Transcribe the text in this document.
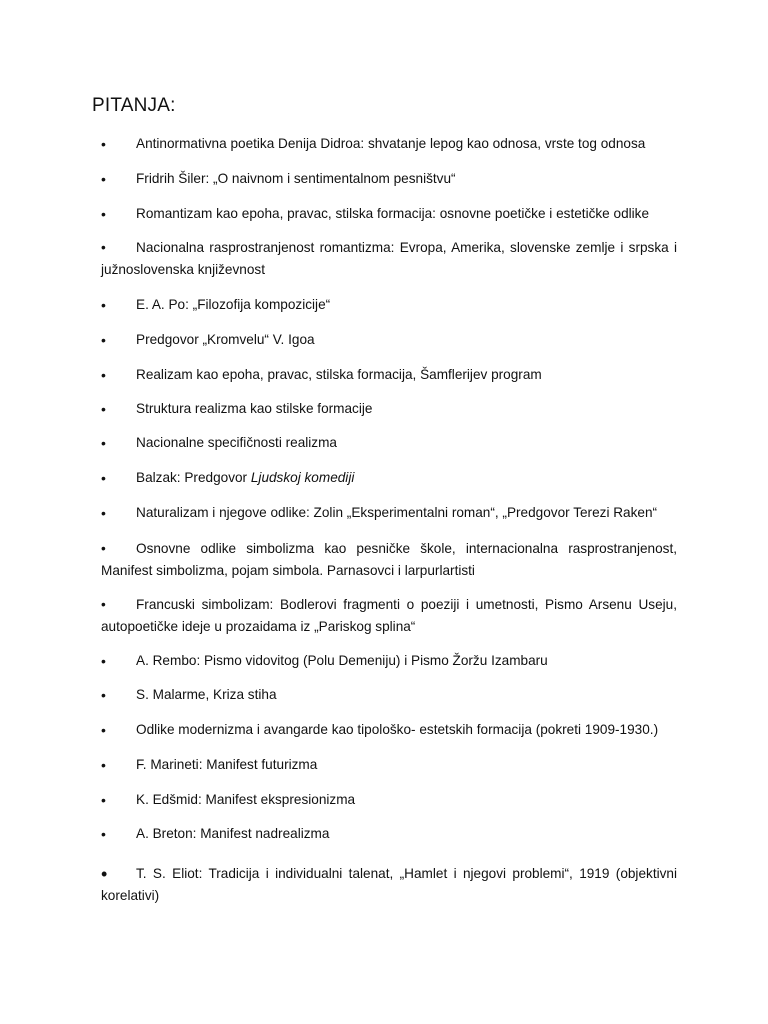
PITANJA:
• Antinormativna poetika Denija Didroa: shvatanje lepog kao odnosa, vrste tog odnosa
• Fridrih Šiler: „O naivnom i sentimentalnom pesništvu“
• Romantizam kao epoha, pravac, stilska formacija: osnovne poetičke i estetičke odlike

• Nacionalna rasprostranjenost romantizma: Evropa, Amerika, slovenske zemlje i srpska i južnoslovenska književnost

• E. A. Po: „Filozofija kompozicije“
• Predgovor „Kromvelu“ V. Igoa
• Realizam kao epoha, pravac, stilska formacija, Šamflerijev program
• Struktura realizma kao stilske formacije
• Nacionalne specifičnosti realizma
• Balzak: Predgovor Ljudskoj komediji
• Naturalizam i njegove odlike: Zolin „Eksperimentalni roman“, „Predgovor Terezi Raken“

• Osnovne odlike simbolizma kao pesničke škole, internacionalna rasprostranjenost, Manifest simbolizma, pojam simbola. Parnasovci i larpurlartisti

• Francuski simbolizam: Bodlerovi fragmenti o poeziji i umetnosti, Pismo Arsenu Useju, autopoetičke ideje u prozaidama iz „Pariskog splina“

• A. Rembo: Pismo vidovitog (Polu Demeniju) i Pismo Žoržu Izambaru
• S. Malarme, Kriza stiha
• Odlike modernizma i avangarde kao tipološko- estetskih formacija (pokreti 1909-1930.)
• F. Marineti: Manifest futurizma
• K. Edšmid: Manifest ekspresionizma
• A. Breton: Manifest nadrealizma

• T. S. Eliot: Tradicija i individualni talenat, „Hamlet i njegovi problemi“, 1919 (objektivni korelativi)
